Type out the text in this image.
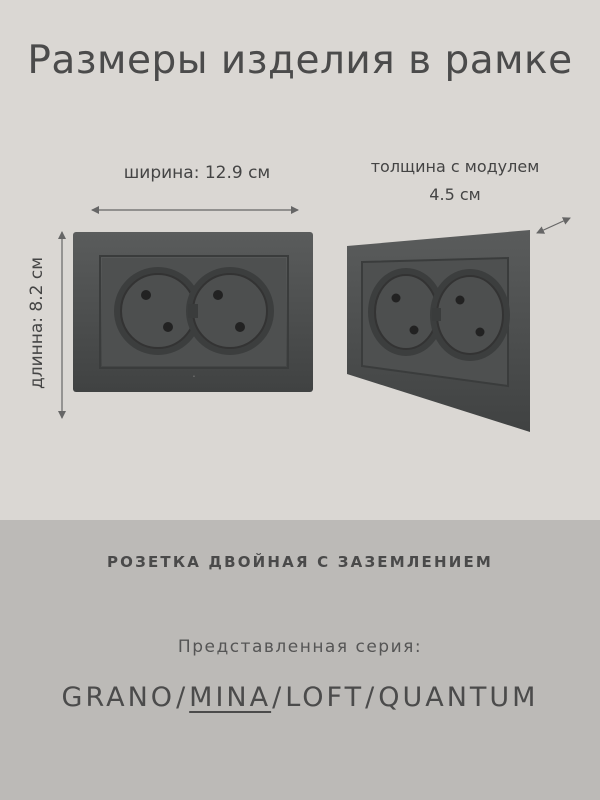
Размеры изделия в рамке
ширина: 12.9 см	толщина с модулем
4.5 см
длинна: 8.2 см	•
РОЗЕТКА ДВОЙНАЯ С ЗАЗЕМЛЕНИЕМ
Представленная серия:
GRANO/MINA/LOFT/QUANTUM
